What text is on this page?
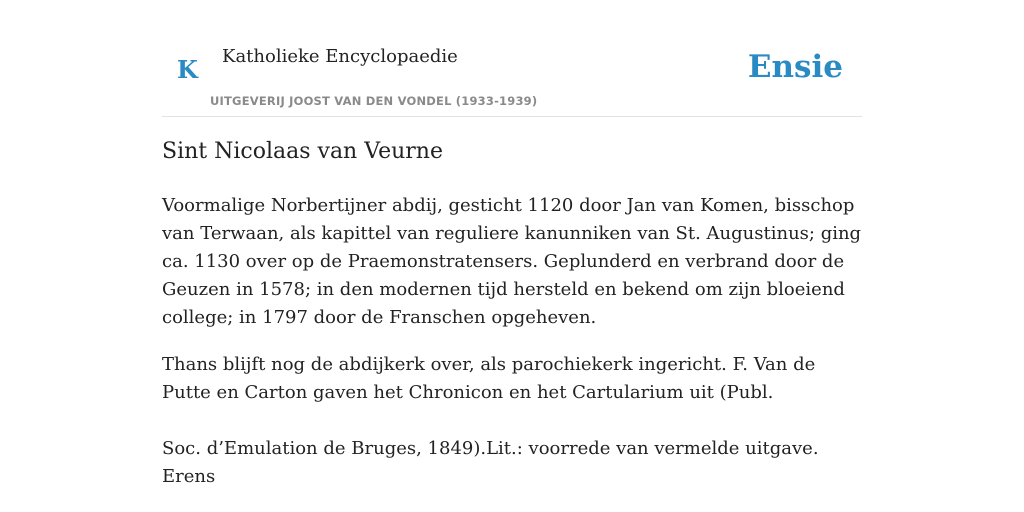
K Katholieke Encyclopaedie
UITGEVERIJ JOOST VAN DEN VONDEL (1933-1939)
Ensie
Sint Nicolaas van Veurne

Voormalige Norbertijner abdij, gesticht 1120 door Jan van Komen, bisschop van Terwaan, als kapittel van reguliere kanunniken van St. Augustinus; ging ca. 1130 over op de Praemonstratensers. Geplunderd en verbrand door de Geuzen in 1578; in den modernen tijd hersteld en bekend om zijn bloeiend college; in 1797 door de Franschen opgeheven.

Thans blijft nog de abdijkerk over, als parochiekerk ingericht. F. Van de Putte en Carton gaven het Chronicon en het Cartularium uit (Publ.

Soc. d’Emulation de Bruges, 1849).Lit.: voorrede van vermelde uitgave. Erens
